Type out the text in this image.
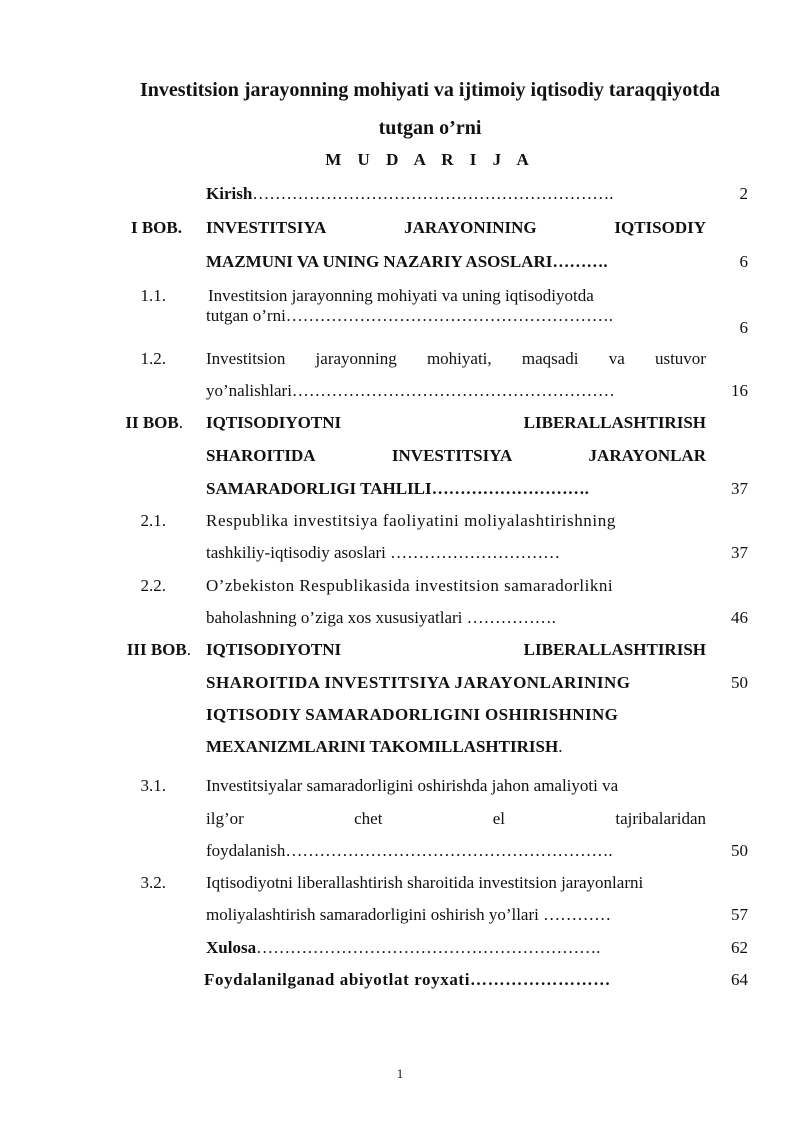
Investitsion jarayonning mohiyati va ijtimoiy iqtisodiy taraqqiyotda
tutgan o’rni
M U D A R I J A
Kirish……………………………………………………….	2
I BOB. INVESTITSIYA	JARAYONINING	IQTISODIY
MAZMUNI VA UNING NAZARIY ASOSLARI……….	6
1.1. Investitsion jarayonning mohiyati va uning iqtisodiyotda
tutgan o’rni………………………………………………….
6
1.2. Investitsion jarayonning mohiyati, maqsadi va ustuvor
yo’nalishlari…………………………………………………	16
II BOB. IQTISODIYOTNI	LIBERALLASHTIRISH
SHAROITIDA	INVESTITSIYA	JARAYONLAR
SAMARADORLIGI TAHLILI……………………….	37
2.1. Respublika investitsiya faoliyatini moliyalashtirishning
tashkiliy-iqtisodiy asoslari …………………………	37
2.2. O’zbekiston Respublikasida investitsion samaradorlikni
baholashning o’ziga xos xususiyatlari …………….	46
III BOB. IQTISODIYOTNI	LIBERALLASHTIRISH
SHAROITIDA INVESTITSIYA JARAYONLARINING	50
IQTISODIY SAMARADORLIGINI OSHIRISHNING
MEXANIZMLARINI TAKOMILLASHTIRISH.
3.1. Investitsiyalar samaradorligini oshirishda jahon amaliyoti va
ilg’or	chet	el	tajribalaridan
foydalanish………………………………………………….	50
3.2. Iqtisodiyotni liberallashtirish sharoitida investitsion jarayonlarni
moliyalashtirish samaradorligini oshirish yo’llari …………	57
Xulosa…………………………………………………….	62
Foydalanilganad abiyotlat royxati……………………	64
1
